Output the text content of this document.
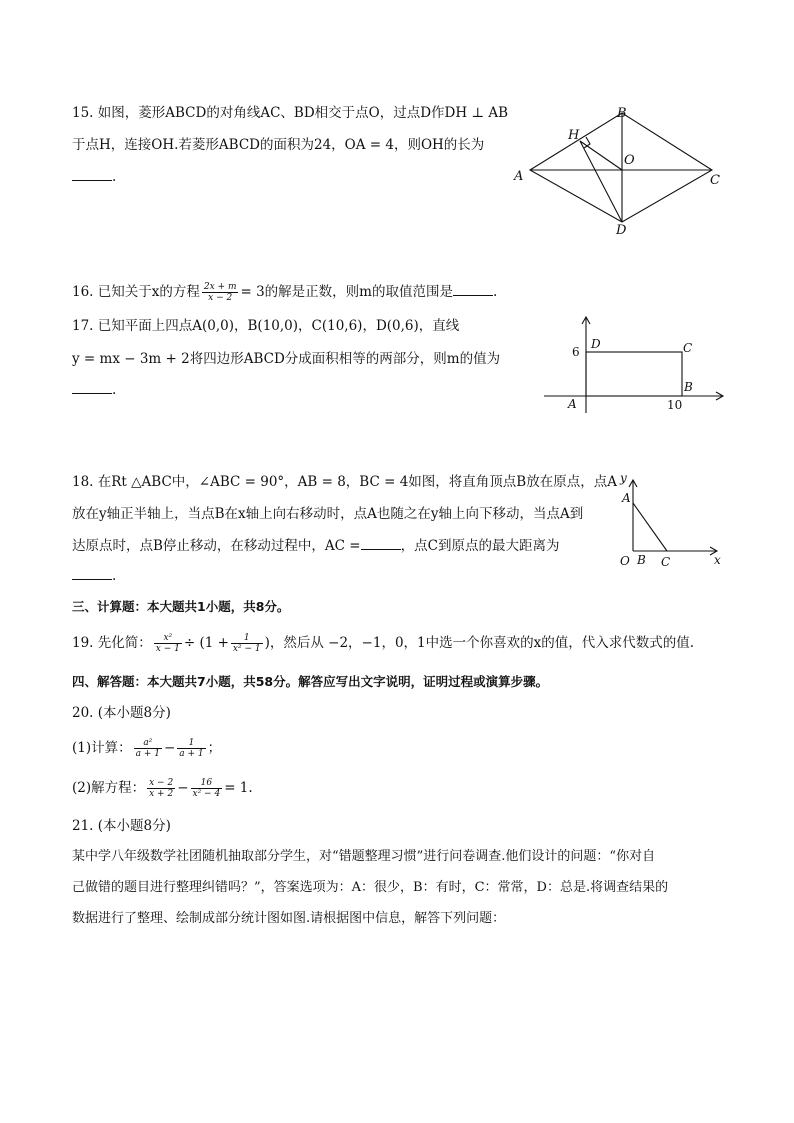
15. 如图，菱形ABCD的对角线AC、BD相交于点O，过点D作DH ⊥ AB
于点H，连接OH.若菱形ABCD的面积为24，OA = 4，则OH的长为
.	A
B
C
D
H
O
16. 已知关于x的方程 $\frac{2x + m}{x - 2} = 3$的解是正数，则m的取值范围是	.
17. 已知平面上四点A(0,0)，B(10,0)，C(10,6)，D(0,6)，直线
y = mx − 3m + 2将四边形ABCD分成面积相等的两部分，则m的值为
.
6
D	C
B
A	10
18. 在Rt △ABC中，∠ABC = 90°，AB = 8，BC = 4如图，将直角顶点B放在原点，点A
放在y轴正半轴上，当点B在x轴上向右移动时，点A也随之在y轴上向下移动，当点A到
达原点时，点B停止移动，在移动过程中，AC =	，点C到原点的最大距离为
.
y
A
O B C	x
三、计算题：本大题共1小题，共8分。
19. 先化简： $\frac{\text{x²}}{x - 1} \div (1 + \frac{1}{\text{x² − 1}}$ )，然后从 −2，−1，0，1中选一个你喜欢的x的值，代入求代数式的值.
四、解答题：本大题共7小题，共58分。解答应写出文字说明，证明过程或演算步骤。
20. (本小题8分)
(1)计算： $\frac{\text{a²}}{a + 1} - \frac{1}{a + 1}$ ；
(2)解方程： $\frac{x - 2}{x + 2} - \frac{16}{\text{x² − 4}} = 1$.
21. (本小题8分)
某中学八年级数学社团随机抽取部分学生，对“错题整理习惯”进行问卷调查.他们设计的问题：“你对自
己做错的题目进行整理纠错吗？”，答案选项为：A：很少，B：有时，C：常常，D：总是.将调查结果的
数据进行了整理、绘制成部分统计图如图.请根据图中信息，解答下列问题：
